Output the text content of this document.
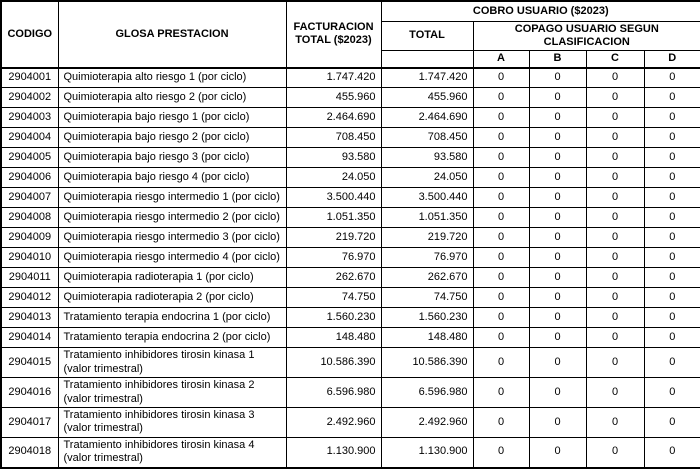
CODIGO	GLOSA PRESTACION	FACTURACION TOTAL ($2023)	COBRO USUARIO ($2023)				
			TOTAL	COPAGO USUARIO SEGUN CLASIFICACION			
				A	B	C	D
2904001	Quimioterapia alto riesgo 1 (por ciclo)	1.747.420	1.747.420	0	0	0	0
2904002	Quimioterapia alto riesgo 2 (por ciclo)	455.960	455.960	0	0	0	0
2904003	Quimioterapia bajo riesgo 1 (por ciclo)	2.464.690	2.464.690	0	0	0	0
2904004	Quimioterapia bajo riesgo 2 (por ciclo)	708.450	708.450	0	0	0	0
2904005	Quimioterapia bajo riesgo 3 (por ciclo)	93.580	93.580	0	0	0	0
2904006	Quimioterapia bajo riesgo 4 (por ciclo)	24.050	24.050	0	0	0	0
2904007	Quimioterapia riesgo intermedio 1 (por ciclo)	3.500.440	3.500.440	0	0	0	0
2904008	Quimioterapia riesgo intermedio 2 (por ciclo)	1.051.350	1.051.350	0	0	0	0
2904009	Quimioterapia riesgo intermedio 3 (por ciclo)	219.720	219.720	0	0	0	0
2904010	Quimioterapia riesgo intermedio 4 (por ciclo)	76.970	76.970	0	0	0	0
2904011	Quimioterapia radioterapia 1 (por ciclo)	262.670	262.670	0	0	0	0
2904012	Quimioterapia radioterapia 2 (por ciclo)	74.750	74.750	0	0	0	0
2904013	Tratamiento terapia endocrina 1 (por ciclo)	1.560.230	1.560.230	0	0	0	0
2904014	Tratamiento terapia endocrina 2 (por ciclo)	148.480	148.480	0	0	0	0
2904015	Tratamiento inhibidores tirosin kinasa 1 (valor trimestral)	10.586.390	10.586.390	0	0	0	0
2904016	Tratamiento inhibidores tirosin kinasa 2 (valor trimestral)	6.596.980	6.596.980	0	0	0	0
2904017	Tratamiento inhibidores tirosin kinasa 3 (valor trimestral)	2.492.960	2.492.960	0	0	0	0
2904018	Tratamiento inhibidores tirosin kinasa 4 (valor trimestral)	1.130.900	1.130.900	0	0	0	0
